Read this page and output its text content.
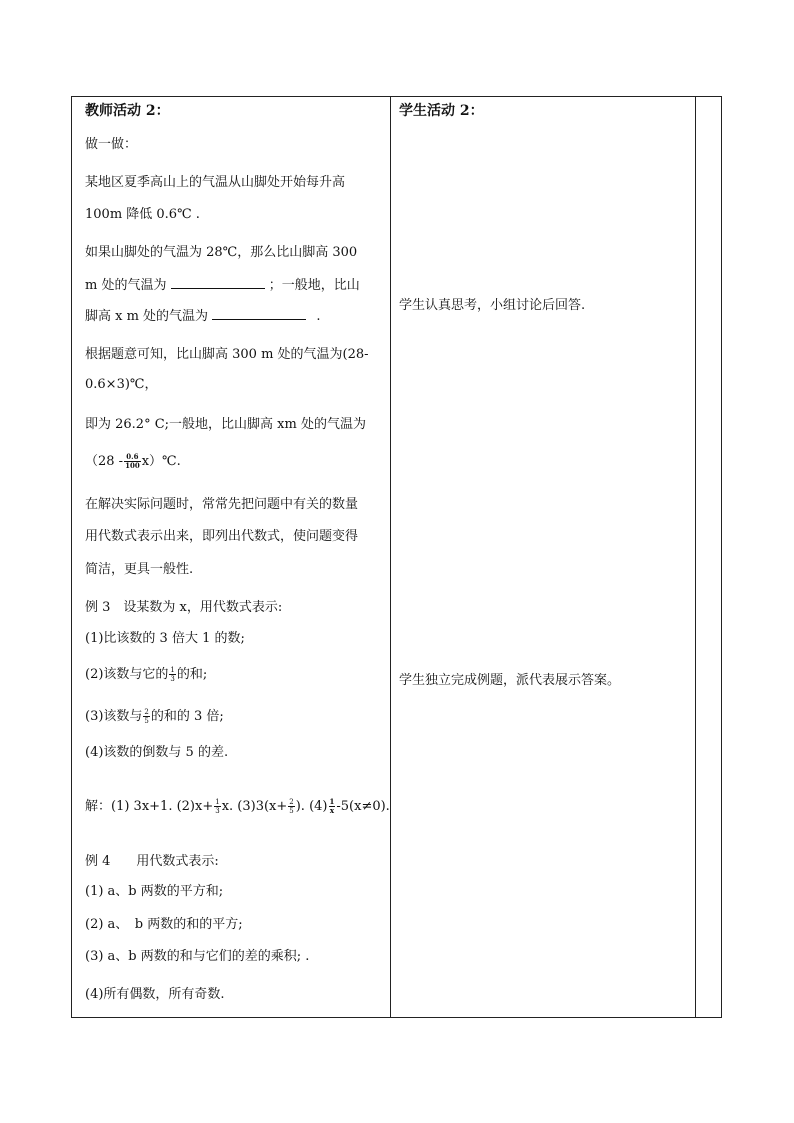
教师活动 2：
做一做：
某地区夏季高山上的气温从山脚处开始每升高
100m 降低 0.6℃ .
如果山脚处的气温为 28℃，那么比山脚高 300
m 处的气温为	；一般地，比山
脚高 x m 处的气温为	.
根据题意可知，比山脚高 300 m 处的气温为(28-
0.6×3)℃，
即为 26.2° C;一般地，比山脚高 xm 处的气温为
（$28 - \frac{0.6}{100}$ x）℃.
在解决实际问题时，常常先把问题中有关的数量
用代数式表示出来，即列出代数式，使问题变得
简洁，更具一般性.
例 3　设某数为 x，用代数式表示:
(1)比该数的 3 倍大 1 的数;
(2)该数与它的 $\frac{1}{3}$ 的和;
(3)该数与 $\frac{2}{5}$ 的和的 3 倍;
(4)该数的倒数与 5 的差.
解：(1) 3x+1. $(2)x+ \frac{1}{3} x$. $(3)3(x+ \frac{2}{5}$ ). $(4) \frac{1}{x} -5(x\ne 0)$.
例 4　　用代数式表示:
(1) a、b 两数的平方和;
(2) a、　b 两数的和的平方;
(3) a、b 两数的和与它们的差的乘积; .
(4)所有偶数，所有奇数.
学生活动 2：
学生认真思考，小组讨论后回答.
学生独立完成例题，派代表展示答案。
